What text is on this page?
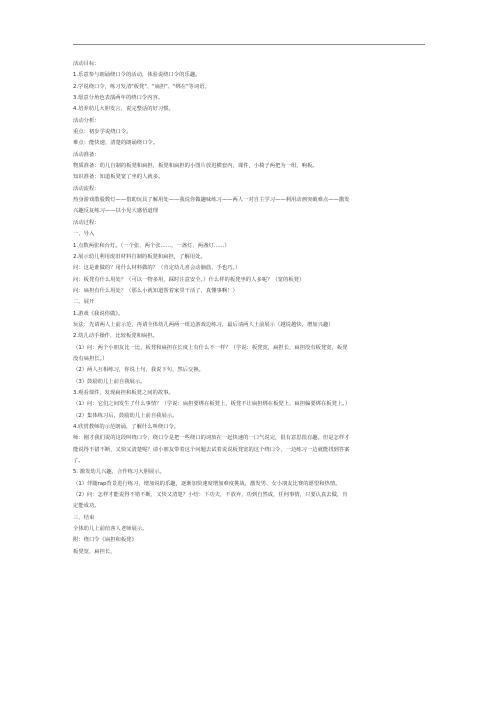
活动目标：
1.乐意参与朗诵绕口令的活动，体验说绕口令的乐趣。
2.学说绕口令，练习发清"板凳"、"扁担"、"绑在"等词语。
3.愿意分角色表演两年的绕口令内容。
4.培养幼儿大胆发言，说完整话的好习惯。
活动分析：
重点：初步学说绕口令。
难点：能快速、清楚的朗诵绕口令。
活动准备：
物质准备：幼儿自制的板凳和扁担，板凳和扁担的小图片放进横套内，课件，小椅子两把为一组，响板。
知识准备：知道板凳宽了坐的人就多。
活动流程：
热身游戏散股数灯——借助玩具了解用处——我说你做趣味练习——两人一对自主学习——利用动画突破难点——激发
兴趣反复练习——以小见大感悟道理
活动过程：
一、导入
1.点数两张和台灯。（一个张、两个张……，一盏灯、两盏灯……）
2.展示幼儿利用废旧材料自制的板凳和扁担，了解用处。
问：这是谁做的？用什么材料做的？（肯定幼儿喜会动脑筋、手也巧。）
问：板凳有什么用处？（可以一物多用，踩时注意安全。）什么样的板凳坐的人多呢？（宽的板凳）
问：扁担有什么用处？（那么小就知道帮着家里干活了，真懂事啊！）
二、展开
1.游戏《我说你做》。
玩法：先请两人上前示范，再请全体幼儿两两一组边游戏边练习，最后请两人上前展示（越说越快，增加兴趣）
2.幼儿动手操作，比较板凳和扁担。
（1）问：两个小朋友比一比，板凳和扁担在长度上有什么不一样？（学说：板凳宽，扁担长，扁担没有板凳宽，板凳
没有扁担长。）
（2）两人互相练习，你说上句，我说下句，然后交换。
（3）鼓励幼儿上前自我展示。
3.观看课件，发现扁担和板凳之间的故事。
（1）问：它们之间发生了什么事情？（学说：扁担要绑在板凳上，板凳不让扁担绑在板凳上，扁担偏要绑在板凳上。）
（2）集体练习后，鼓励幼儿上前自我展示。
4.欣赏教师的示范朗诵，了解什么叫绕口令。
师：刚才我们说的这段叫绕口令，绕口令是把一些绕口的词放在一起快速的一口气说完，很有意思很有趣。但是怎样才
能说得不错不断，又快又清楚呢？请小朋友带着这个问题去试着说说板凳宽的这个绕口令，一边练习一边就能找到答案
了。
5. 激发幼儿兴趣，合作练习大胆展示。
（1）伴随rap背景进行练习，增加说的乐趣，逐渐加快速度增加难度挑战，激发男、女小朋友比赛的愿望和热情。
（2）问：怎样才能说得不错不断，又快又清楚？小结：下功夫，不放弃，功到自然成，任何事情，只要认真去做，肯
定能成功。
三、结束
全体幼儿上前给客人老师展示。
附：绕口令《扁担和板凳》
板凳宽，扁担长，
